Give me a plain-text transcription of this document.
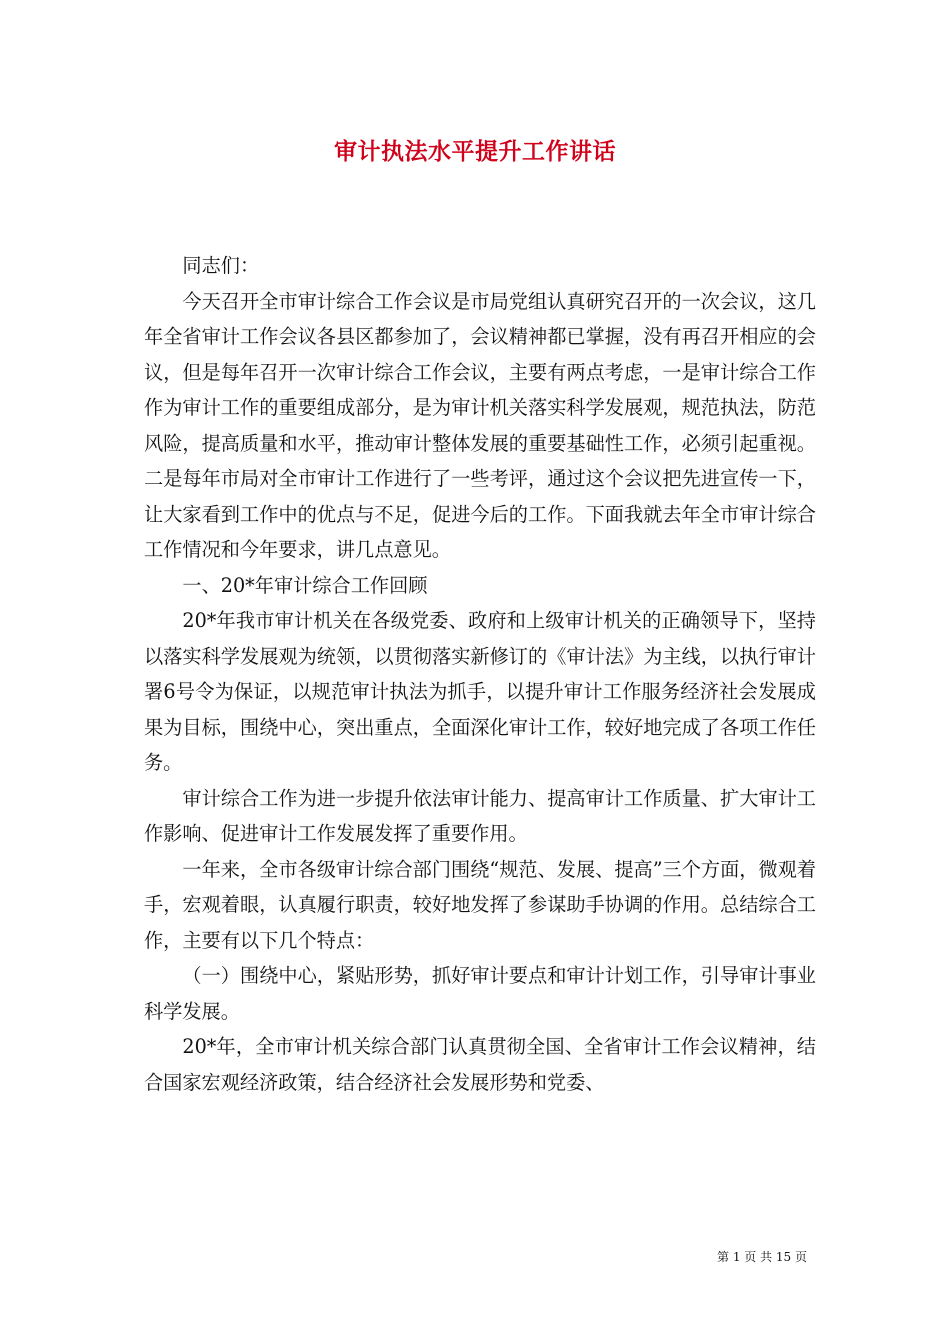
审计执法水平提升工作讲话

同志们：

今天召开全市审计综合工作会议是市局党组认真研究召开的一次会议，这几年全省审计工作会议各县区都参加了，会议精神都已掌握，没有再召开相应的会议，但是每年召开一次审计综合工作会议，主要有两点考虑，一是审计综合工作作为审计工作的重要组成部分，是为审计机关落实科学发展观，规范执法，防范风险，提高质量和水平，推动审计整体发展的重要基础性工作，必须引起重视。二是每年市局对全市审计工作进行了一些考评，通过这个会议把先进宣传一下，让大家看到工作中的优点与不足，促进今后的工作。下面我就去年全市审计综合工作情况和今年要求，讲几点意见。

一、20*年审计综合工作回顾

20*年我市审计机关在各级党委、政府和上级审计机关的正确领导下，坚持以落实科学发展观为统领，以贯彻落实新修订的《审计法》为主线，以执行审计署6号令为保证，以规范审计执法为抓手，以提升审计工作服务经济社会发展成果为目标，围绕中心，突出重点，全面深化审计工作，较好地完成了各项工作任务。

审计综合工作为进一步提升依法审计能力、提高审计工作质量、扩大审计工作影响、促进审计工作发展发挥了重要作用。

一年来，全市各级审计综合部门围绕“规范、发展、提高”三个方面，微观着手，宏观着眼，认真履行职责，较好地发挥了参谋助手协调的作用。总结综合工作，主要有以下几个特点：

（一）围绕中心，紧贴形势，抓好审计要点和审计计划工作，引导审计事业科学发展。

20*年，全市审计机关综合部门认真贯彻全国、全省审计工作会议精神，结合国家宏观经济政策，结合经济社会发展形势和党委、

第 1 页 共 15 页
